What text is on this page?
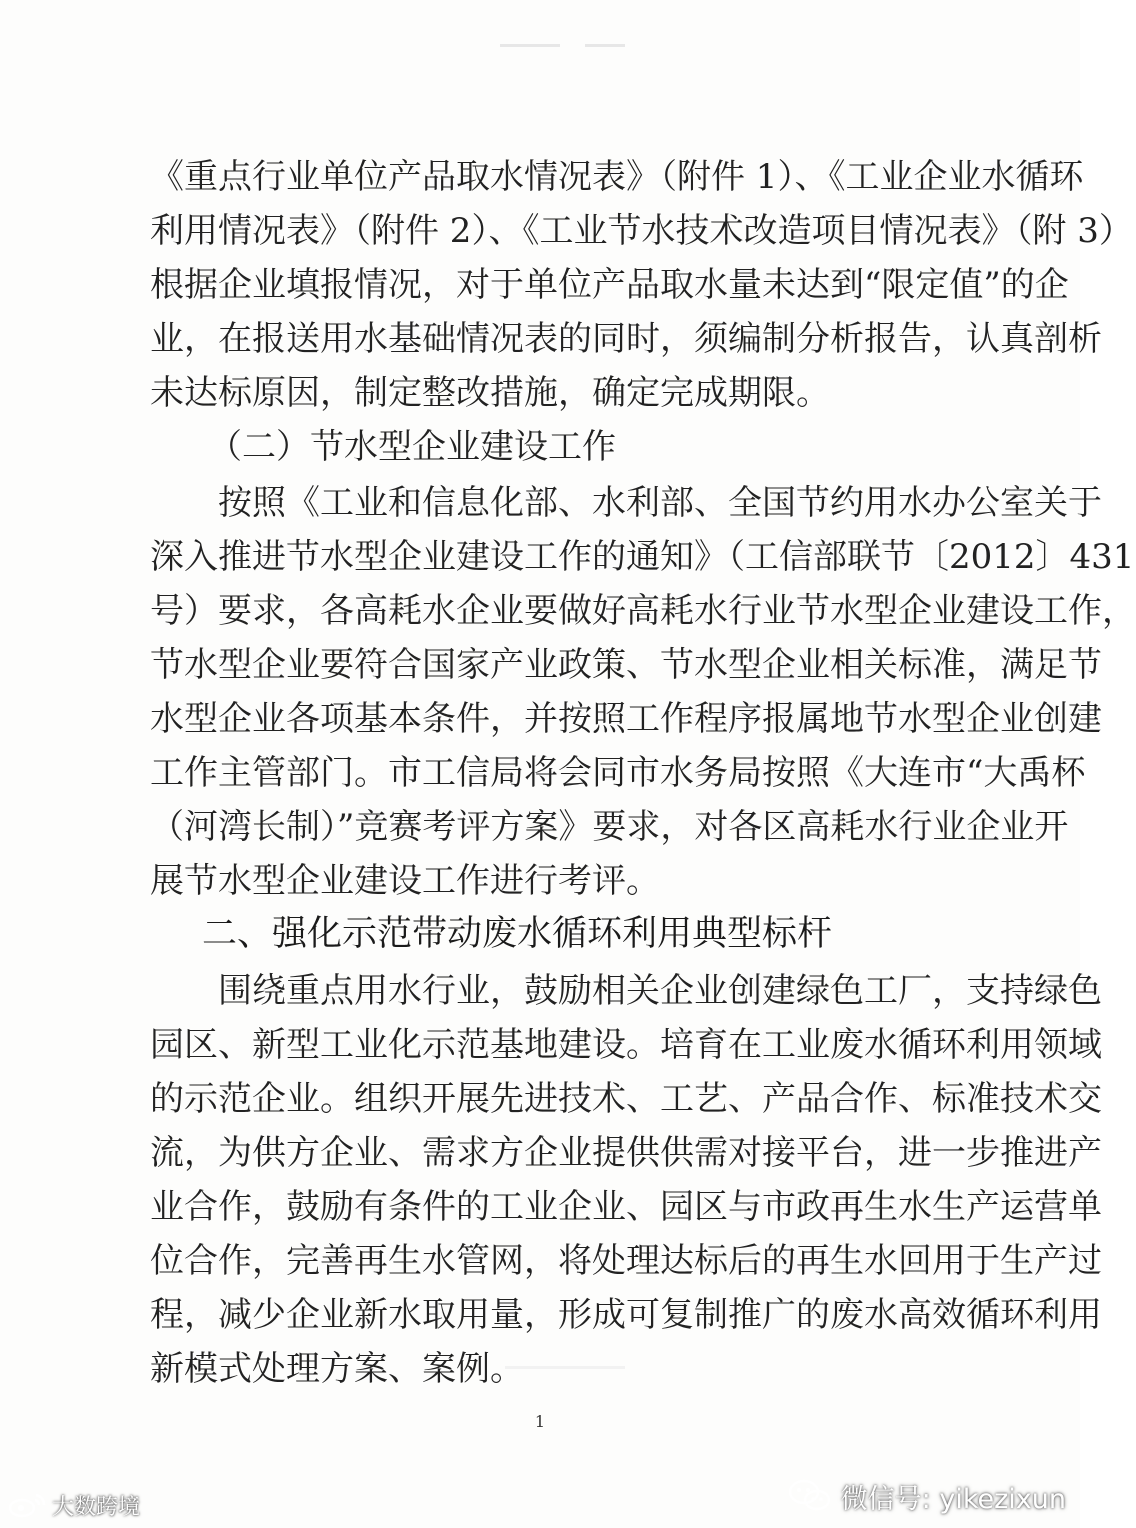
《重点行业单位产品取水情况表》（附件 1）、《工业企业水循环
利用情况表》（附件 2）、《工业节水技术改造项目情况表》（附 3）
根据企业填报情况，对于单位产品取水量未达到“限定值”的企
业，在报送用水基础情况表的同时，须编制分析报告，认真剖析
未达标原因，制定整改措施，确定完成期限。
（二）节水型企业建设工作
按照《工业和信息化部、水利部、全国节约用水办公室关于
深入推进节水型企业建设工作的通知》（工信部联节〔2012〕431
号）要求，各高耗水企业要做好高耗水行业节水型企业建设工作，
节水型企业要符合国家产业政策、节水型企业相关标准，满足节
水型企业各项基本条件，并按照工作程序报属地节水型企业创建
工作主管部门。市工信局将会同市水务局按照《大连市“大禹杯
（河湾长制）”竞赛考评方案》要求，对各区高耗水行业企业开
展节水型企业建设工作进行考评。
二、强化示范带动废水循环利用典型标杆
围绕重点用水行业，鼓励相关企业创建绿色工厂，支持绿色
园区、新型工业化示范基地建设。培育在工业废水循环利用领域
的示范企业。组织开展先进技术、工艺、产品合作、标准技术交
流，为供方企业、需求方企业提供供需对接平台，进一步推进产
业合作，鼓励有条件的工业企业、园区与市政再生水生产运营单
位合作，完善再生水管网，将处理达标后的再生水回用于生产过
程，减少企业新水取用量，形成可复制推广的废水高效循环利用
新模式处理方案、案例。
1
大数跨境	微信号: yikezixun
